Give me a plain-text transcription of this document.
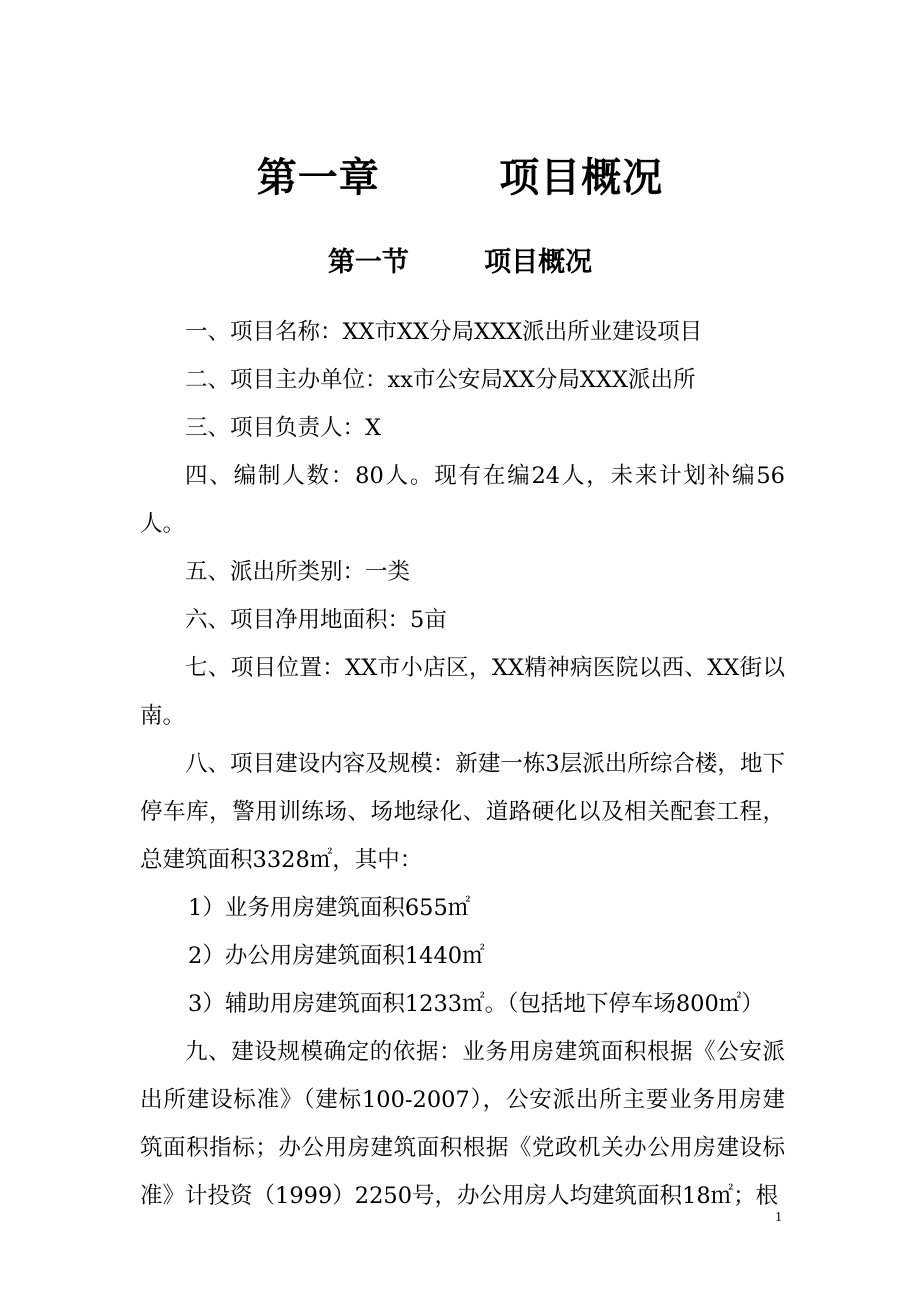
第一章        项目概况
第一节        项目概况

一、项目名称：XX市XX分局XXX派出所业建设项目

二、项目主办单位：xx市公安局XX分局XXX派出所

三、项目负责人：X

四、编制人数：80人。现有在编24人，未来计划补编56人。

五、派出所类别：一类

六、项目净用地面积：5亩

七、项目位置：XX市小店区，XX精神病医院以西、XX街以南。

八、项目建设内容及规模：新建一栋3层派出所综合楼，地下停车库，警用训练场、场地绿化、道路硬化以及相关配套工程，总建筑面积3328㎡，其中：

1）业务用房建筑面积655㎡

2）办公用房建筑面积1440㎡

3）辅助用房建筑面积1233㎡。（包括地下停车场800㎡）

九、建设规模确定的依据：业务用房建筑面积根据《公安派出所建设标准》（建标100-2007），公安派出所主要业务用房建筑面积指标；办公用房建筑面积根据《党政机关办公用房建设标准》计投资（1999）2250号，办公用房人均建筑面积18㎡；根

1
